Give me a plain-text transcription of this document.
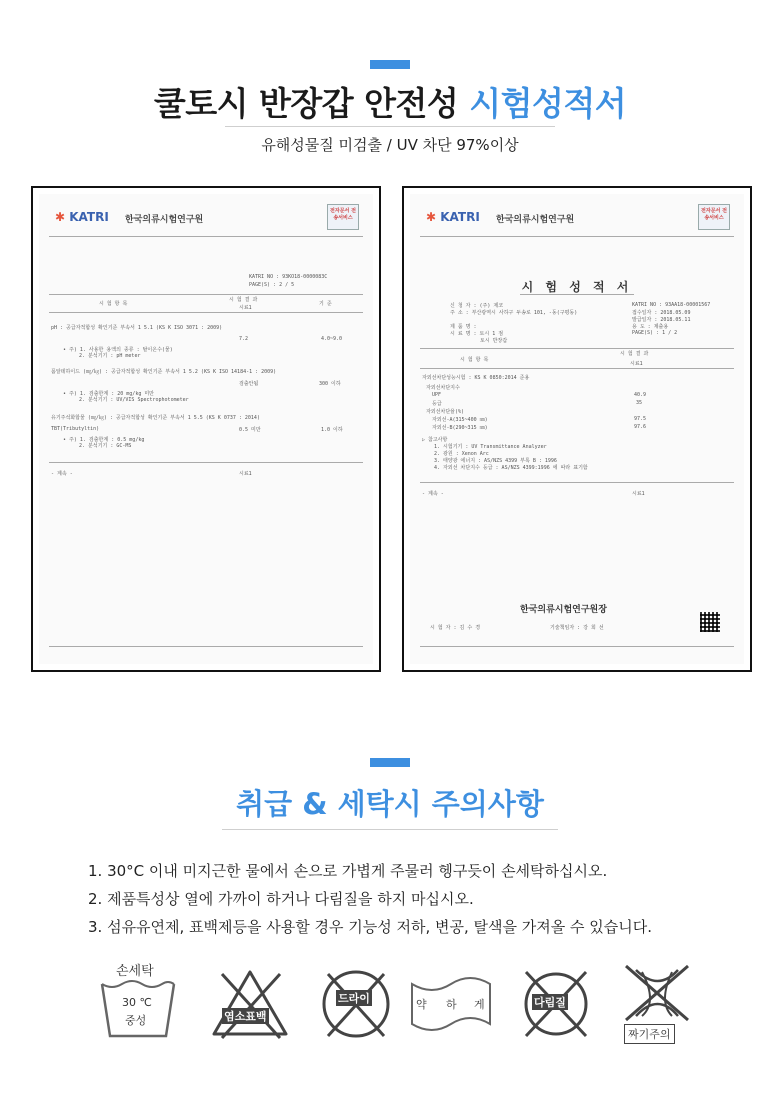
쿨토시 반장갑 안전성 시험성적서
유해성물질 미검출 / UV 차단 97%이상
✱ KATRI 한국의류시험연구원
전자문서 전송서비스
KATRI NO : 93KO18-0000083C
PAGE(S) : 2 / 5
시 험 항 목
시 험 결 과
시료1
기 준
pH : 공급자적합성 확인기준 부속서 1 5.1 (KS K ISO 3071 : 2009)
7.2	4.0~9.0
• 주) 1. 사용한 용액의 종류 : 탈이온수(물)
2. 분석기기 : pH meter
폼알데하이드 (㎎/㎏) : 공급자적합성 확인기준 부속서 1 5.2 (KS K ISO 14184-1 : 2009)
검출안됨	300 이하
• 주) 1. 검출한계 : 20 mg/kg 미만
2. 분석기기 : UV/VIS Spectrophotometer
유기주석화합물 (㎎/㎏) : 공급자적합성 확인기준 부속서 1 5.5 (KS K 0737 : 2014)
TBT(Tributyltin)	0.5 미만	1.0 이하
• 주) 1. 검출한계 : 0.5 mg/kg
2. 분석기기 : GC-MS
- 계속 -	시료1
✱ KATRI 한국의류시험연구원
전자문서 전송서비스
시 험 성 적 서
신 청 자 : (주) 제코
주 소 : 부산광역시 사하구 두송로 101, -동(구평동)
KATRI NO : 93AA18-00001567
접수일자 : 2018.05.09
발급일자 : 2018.05.11
용 도 : 제출용
PAGE(S) : 1 / 2
제 품 명 :
시 료 명 : 토시 1 점
토시 반장갑
시 험 항 목
시 험 결 과
시료1
자외선차단성능시험 : KS K 0850:2014 준용
자외선차단지수
UPF	40.9
등급	35
자외선차단율(%)
자외선-A(315~400 ㎚)	97.5
자외선-B(290~315 ㎚)	97.6
▷ 참고사항
1. 시험기기 : UV Transmittance Analyzer
2. 광원 : Xenon Arc
3. 태양광 에너지 : AS/NZS 4399 부록 B : 1996
4. 자외선 차단지수 등급 : AS/NZS 4399:1996 에 따라 표기함
- 계속 -	시료1
한국의류시험연구원장
시 험 자 : 김 수 경	기술책임자 : 강 희 선
취급 & 세탁시 주의사항
1. 30°C 이내 미지근한 물에서 손으로 가볍게 주물러 헹구듯이 손세탁하십시오.
2. 제품특성상 열에 가까이 하거나 다림질을 하지 마십시오.
3. 섬유유연제, 표백제등을 사용할 경우 기능성 저하, 변공, 탈색을 가져올 수 있습니다.
손세탁
30 ℃
중성	염소표백
드라이	약 하 게	다림질
짜기주의
